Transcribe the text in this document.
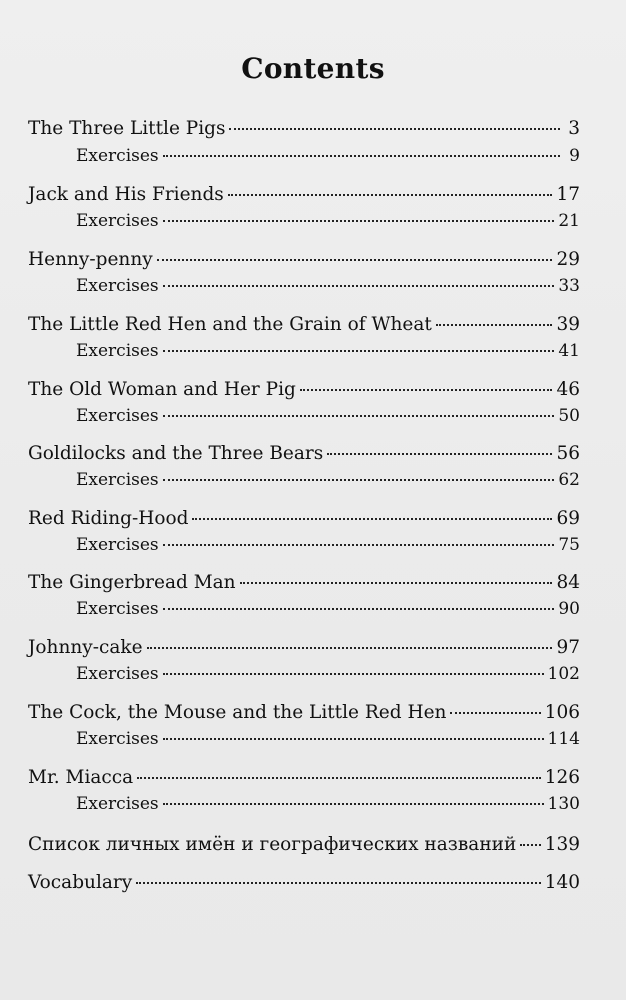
Contents
The Three Little Pigs	3
Exercises	9
Jack and His Friends	17
Exercises	21
Henny-penny	29
Exercises	33
The Little Red Hen and the Grain of Wheat	39
Exercises	41
The Old Woman and Her Pig	46
Exercises	50
Goldilocks and the Three Bears	56
Exercises	62
Red Riding-Hood	69
Exercises	75
The Gingerbread Man	84
Exercises	90
Johnny-cake	97
Exercises	102
The Cock, the Mouse and the Little Red Hen	106
Exercises	114
Mr. Miacca	126
Exercises	130
Список личных имён и географических названий 139
Vocabulary	140
